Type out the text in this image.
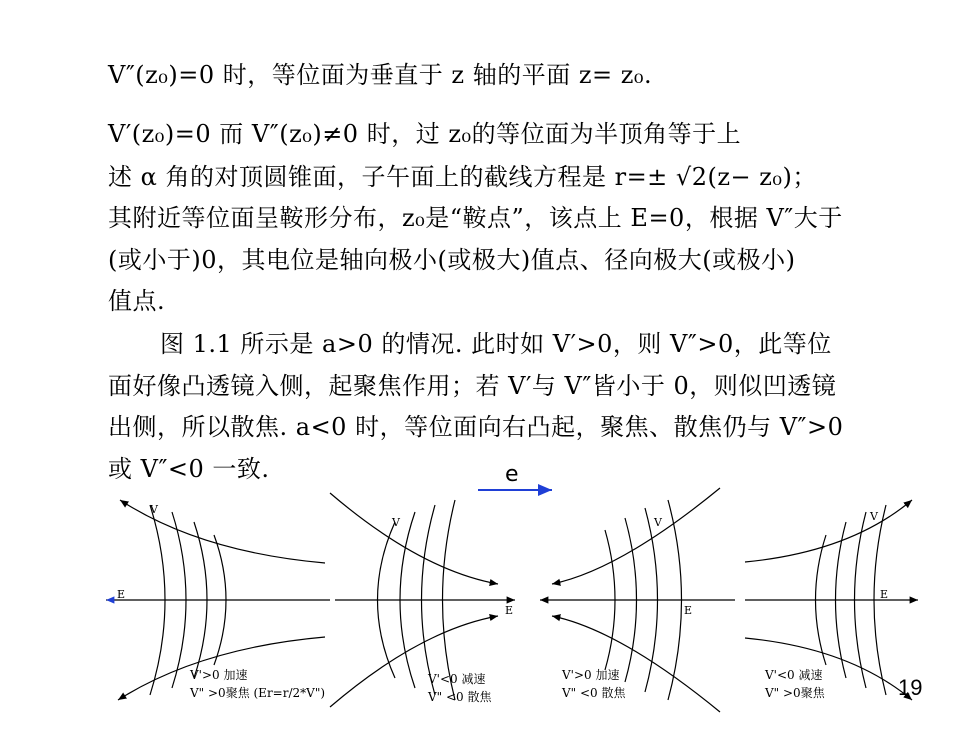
V″(z₀)=0 时，等位面为垂直于 z 轴的平面 z= z₀.
V′(z₀)=0 而 V″(z₀)≠0 时，过 z₀的等位面为半顶角等于上
述 α 角的对顶圆锥面，子午面上的截线方程是 r=± √2(z− z₀)；
其附近等位面呈鞍形分布，z₀是“鞍点”，该点上 E=0，根据 V″大于
(或小于)0，其电位是轴向极小(或极大)值点、径向极大(或极小)
值点.
图 1.1 所示是 a>0 的情况. 此时如 V′>0，则 V″>0，此等位
面好像凸透镜入侧，起聚焦作用；若 V′与 V″皆小于 0，则似凹透镜
出侧，所以散焦. a<0 时，等位面向右凸起，聚焦、散焦仍与 V″>0
或 V″<0 一致.	e
V
E
V'>0 加速
V" >0聚焦 (Er=r/2*V")
V
E
V'<0 减速
V" <0 散焦
V
E
V'>0 加速
V" <0 散焦
V
E
V'<0 减速
V" >0聚焦	19
